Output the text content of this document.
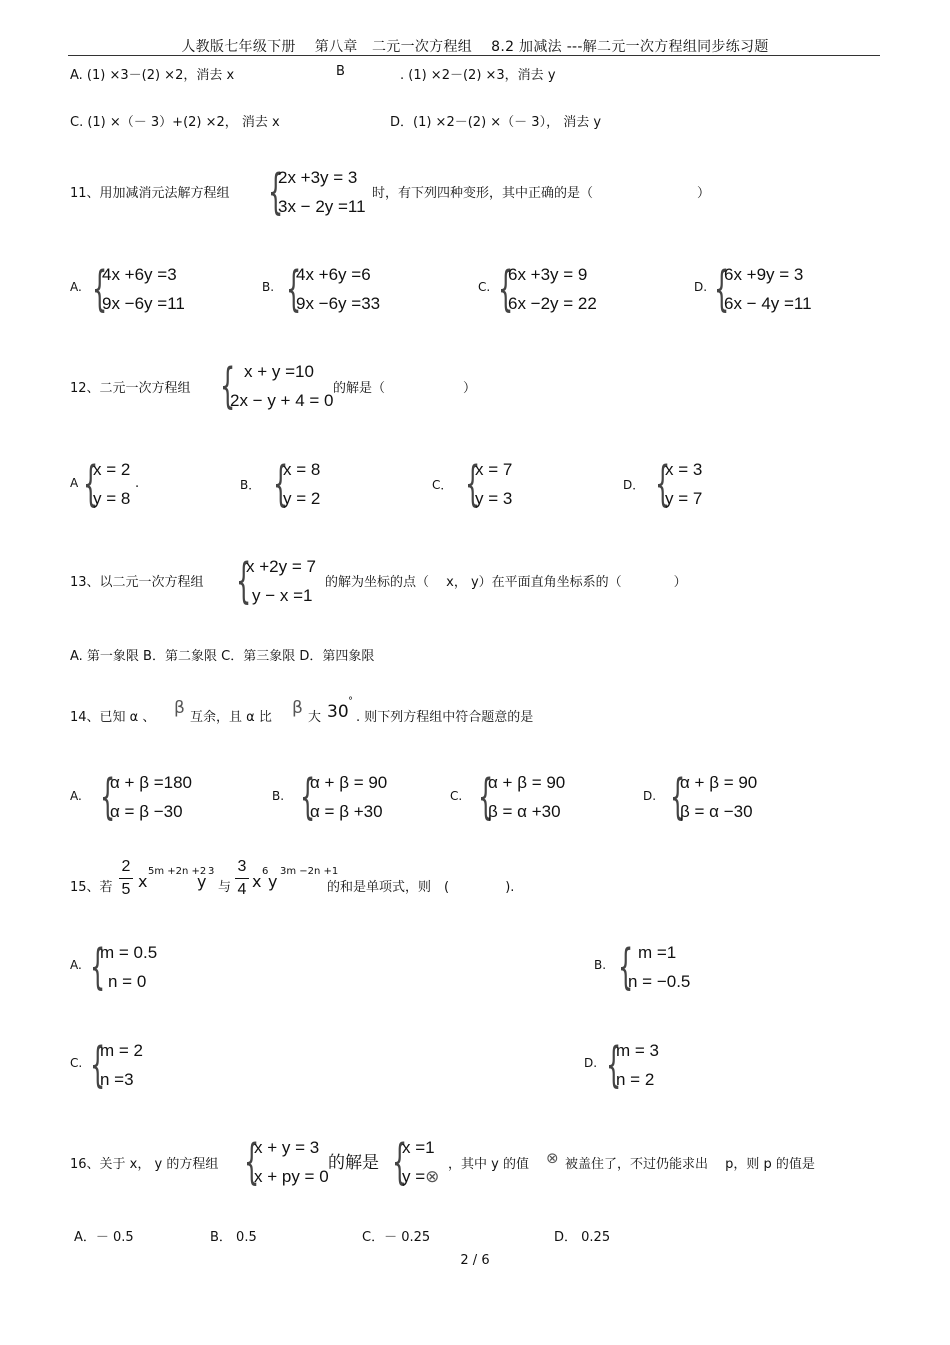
人教版七年级下册　 第八章　二元一次方程组　 8.2 加减法 ---解二元一次方程组同步练习题
A. (1) ×3－(2) ×2，消去 x	B	. (1) ×2－(2) ×3，消去 y
C. (1) ×（－ 3）+(2) ×2， 消去 x	D．(1) ×2－(2) ×（－ 3）， 消去 y
11、用加减消元法解方程组 {
2x +3y = 3
3x − 2y =11
时，有下列四种变形，其中正确的是（　　　　　　　　）
A. {
4x +6y =3
9x −6y =11
B. {
4x +6y =6
9x −6y =33
C. {
6x +3y = 9
6x −2y = 22
D. {
6x +9y = 3
6x − 4y =11
12、二元一次方程组 { x + y =10
2x − y + 4 = 0
的解是（　　　　　　）
A {
x = 2
y = 8
.	B． {
x = 8
y = 2
C． {
x = 7
y = 3
D． {
x = 3
y = 7
13、以二元一次方程组 {
x +2y = 7
y − x =1
的解为坐标的点（　 x， y）在平面直角坐标系的（　　　　）
A. 第一象限 B．第二象限 C．第三象限 D．第四象限
14、已知 α 、 β 互余，且 α 比 β 大 30
°
. 则下列方程组中符合题意的是
A. {
α + β =180
α = β −30
B. {
α + β = 90
α = β +30
C. {
α + β = 90
β = α +30
D. {
α + β = 90
β = α −30
15、若
2
5 x
5m +2n +2
y
3
与
3
4 x
6
y
3m −2n +1
的和是单项式，则　(　　　　 ).
A. {
m = 0.5
n = 0
B. { m =1
n = −0.5
C. {
m = 2
n =3
D. {
m = 3
n = 2
16、关于 x， y 的方程组 {
x + y = 3
x + py = 0
的解是 {
x =1
y =⊗
，其中 y 的值 ⊗ 被盖住了，不过仍能求出　 p，则 p 的值是
A．－ 0.5	B． 0.5	C．－ 0.25	D． 0.25
2 / 6
